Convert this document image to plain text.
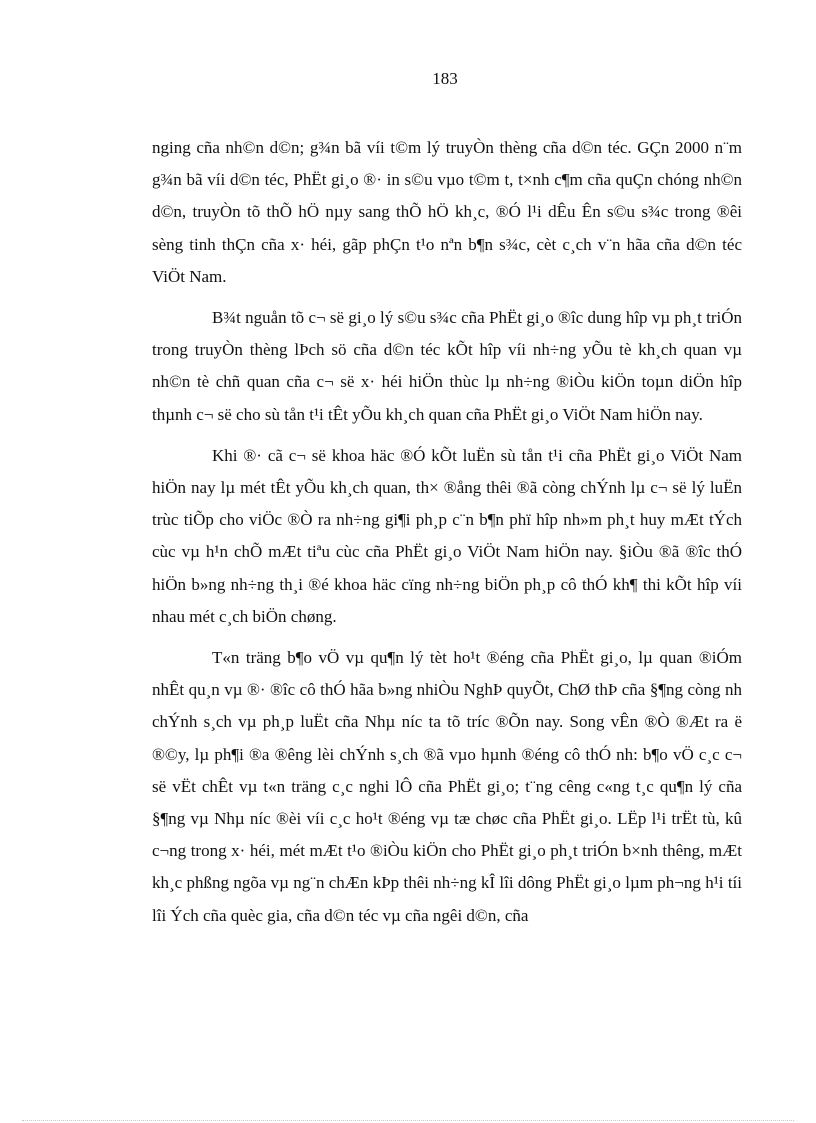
183

nging cña nh©n d©n; g¾n bã víi t©m lý truyÒn thèng cña d©n téc. GÇn 2000 n¨m g¾n bã víi d©n téc, PhËt gi¸o ®· in s©u vµo t©m t, t×nh c¶m cña quÇn chóng nh©n d©n, truyÒn tõ thÕ hÖ nµy sang thÕ hÖ kh¸c, ®Ó l¹i dÊu Ên s©u s¾c trong ®êi sèng tinh thÇn cña x· héi, gãp phÇn t¹o nªn b¶n s¾c, cèt c¸ch v¨n hãa cña d©n téc ViÖt Nam.

B¾t nguån tõ c¬ së gi¸o lý s©u s¾c cña PhËt gi¸o ®îc dung hîp vµ ph¸t triÓn trong truyÒn thèng lÞch sö cña d©n téc kÕt hîp víi nh÷ng yÕu tè kh¸ch quan vµ nh©n tè chñ quan cña c¬ së x· héi hiÖn thùc lµ nh÷ng ®iÒu kiÖn toµn diÖn hîp thµnh c¬ së cho sù tån t¹i tÊt yÕu kh¸ch quan cña PhËt gi¸o ViÖt Nam hiÖn nay.

Khi ®· cã c¬ së khoa häc ®Ó kÕt luËn sù tån t¹i cña PhËt gi¸o ViÖt Nam hiÖn nay lµ mét tÊt yÕu kh¸ch quan, th× ®ång thêi ®ã còng chÝnh lµ c¬ së lý luËn trùc tiÕp cho viÖc ®Ò ra nh÷ng gi¶i ph¸p c¨n b¶n phï hîp nh»m ph¸t huy mÆt tÝch cùc vµ h¹n chÕ mÆt tiªu cùc cña PhËt gi¸o ViÖt Nam hiÖn nay. §iÒu ®ã ®îc thÓ hiÖn b»ng nh÷ng th¸i ®é khoa häc cïng nh÷ng biÖn ph¸p cô thÓ kh¶ thi kÕt hîp víi nhau mét c¸ch biÖn chøng.

T«n träng b¶o vÖ vµ qu¶n lý tèt ho¹t ®éng cña PhËt gi¸o, lµ quan ®iÓm nhÊt qu¸n vµ ®· ®îc cô thÓ hãa b»ng nhiÒu NghÞ quyÕt, ChØ thÞ cña §¶ng còng nh chÝnh s¸ch vµ ph¸p luËt cña Nhµ níc ta tõ tríc ®Õn nay. Song vÊn ®Ò ®Æt ra ë ®©y, lµ ph¶i ®a ®êng lèi chÝnh s¸ch ®ã vµo hµnh ®éng cô thÓ nh: b¶o vÖ c¸c c¬ së vËt chÊt vµ t«n träng c¸c nghi lÔ cña PhËt gi¸o; t¨ng cêng c«ng t¸c qu¶n lý cña §¶ng vµ Nhµ níc ®èi víi c¸c ho¹t ®éng vµ tæ chøc cña PhËt gi¸o. LËp l¹i trËt tù, kû c¬ng trong x· héi, mét mÆt t¹o ®iÒu kiÖn cho PhËt gi¸o ph¸t triÓn b×nh thêng, mÆt kh¸c phßng ngõa vµ ng¨n chÆn kÞp thêi nh÷ng kÎ lîi dông PhËt gi¸o lµm ph¬ng h¹i tíi lîi Ých cña quèc gia, cña d©n téc vµ cña ngêi d©n, cña
